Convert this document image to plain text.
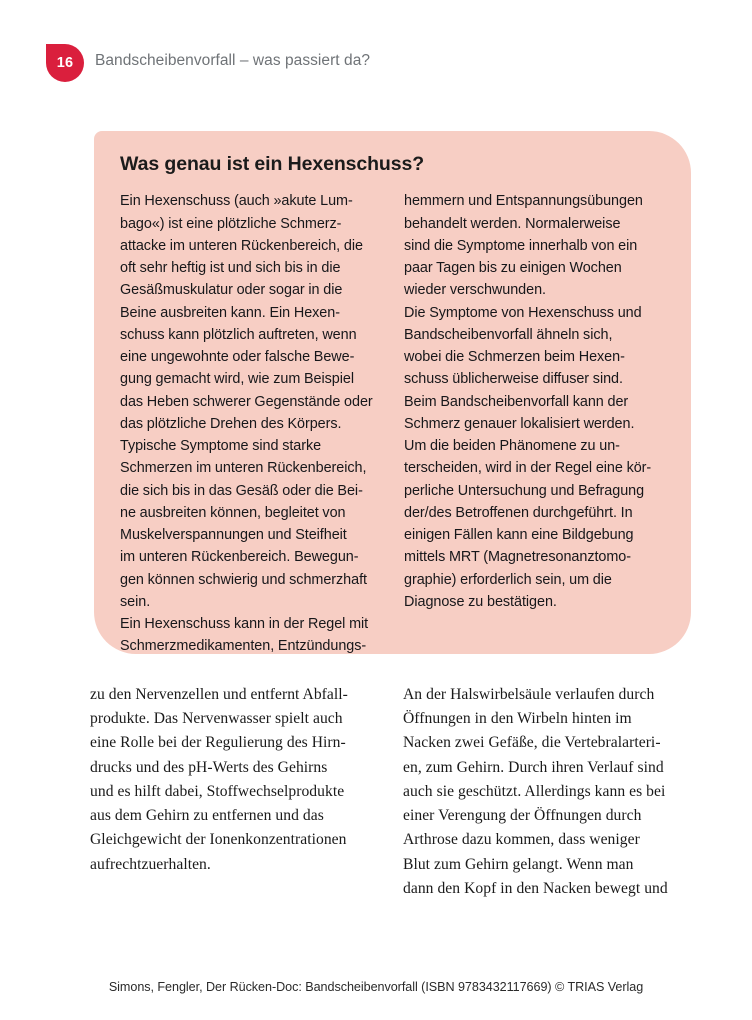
16	Bandscheibenvorfall – was passiert da?
Was genau ist ein Hexenschuss?

Ein Hexenschuss (auch »akute Lum-
bago«) ist eine plötzliche Schmerz-
attacke im unteren Rückenbereich, die
oft sehr heftig ist und sich bis in die
Gesäßmuskulatur oder sogar in die
Beine ausbreiten kann. Ein Hexen-
schuss kann plötzlich auftreten, wenn
eine ungewohnte oder falsche Bewe-
gung gemacht wird, wie zum Beispiel
das Heben schwerer Gegenstände oder
das plötzliche Drehen des Körpers.
Typische Symptome sind starke
Schmerzen im unteren Rückenbereich,
die sich bis in das Gesäß oder die Bei-
ne ausbreiten können, begleitet von
Muskelverspannungen und Steifheit
im unteren Rückenbereich. Bewegun-
gen können schwierig und schmerzhaft
sein.
Ein Hexenschuss kann in der Regel mit
Schmerzmedikamenten, Entzündungs-

hemmern und Entspannungsübungen
behandelt werden. Normalerweise
sind die Symptome innerhalb von ein
paar Tagen bis zu einigen Wochen
wieder verschwunden.
Die Symptome von Hexenschuss und
Bandscheibenvorfall ähneln sich,
wobei die Schmerzen beim Hexen-
schuss üblicherweise diffuser sind.
Beim Bandscheibenvorfall kann der
Schmerz genauer lokalisiert werden.
Um die beiden Phänomene zu un-
terscheiden, wird in der Regel eine kör-
perliche Untersuchung und Befragung
der/des Betroffenen durchgeführt. In
einigen Fällen kann eine Bildgebung
mittels MRT (Magnetresonanztomo-
graphie) erforderlich sein, um die
Diagnose zu bestätigen.

zu den Nervenzellen und entfernt Abfall-
produkte. Das Nervenwasser spielt auch
eine Rolle bei der Regulierung des Hirn-
drucks und des pH-Werts des Gehirns
und es hilft dabei, Stoffwechselprodukte
aus dem Gehirn zu entfernen und das
Gleichgewicht der Ionenkonzentrationen
aufrechtzuerhalten.

An der Halswirbelsäule verlaufen durch
Öffnungen in den Wirbeln hinten im
Nacken zwei Gefäße, die Vertebralarteri-
en, zum Gehirn. Durch ihren Verlauf sind
auch sie geschützt. Allerdings kann es bei
einer Verengung der Öffnungen durch
Arthrose dazu kommen, dass weniger
Blut zum Gehirn gelangt. Wenn man
dann den Kopf in den Nacken bewegt und

Simons, Fengler, Der Rücken-Doc: Bandscheibenvorfall (ISBN 9783432117669) © TRIAS Verlag
